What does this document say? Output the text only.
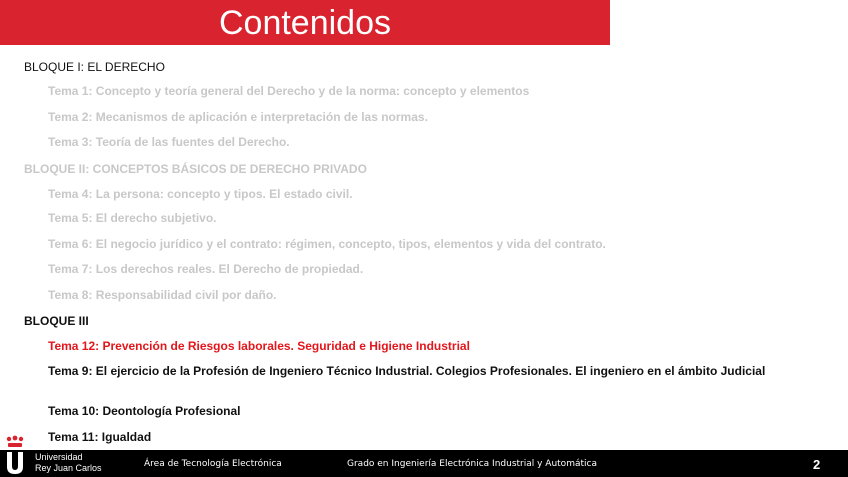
Contenidos
BLOQUE I: EL DERECHO
Tema 1: Concepto y teoría general del Derecho y de la norma: concepto y elementos
Tema 2: Mecanismos de aplicación e interpretación de las normas.
Tema 3: Teoría de las fuentes del Derecho.
BLOQUE II: CONCEPTOS BÁSICOS DE DERECHO PRIVADO
Tema 4: La persona: concepto y tipos. El estado civil.
Tema 5: El derecho subjetivo.
Tema 6: El negocio jurídico y el contrato: régimen, concepto, tipos, elementos y vida del contrato.
Tema 7: Los derechos reales. El Derecho de propiedad.
Tema 8: Responsabilidad civil por daño.
BLOQUE III
Tema 12: Prevención de Riesgos laborales. Seguridad e Higiene Industrial
Tema 9: El ejercicio de la Profesión de Ingeniero Técnico Industrial. Colegios Profesionales. El ingeniero en el ámbito Judicial
Tema 10: Deontología Profesional
Tema 11: Igualdad
Universidad
Rey Juan Carlos	Área de Tecnología Electrónica	Grado en Ingeniería Electrónica Industrial y Automática	2
